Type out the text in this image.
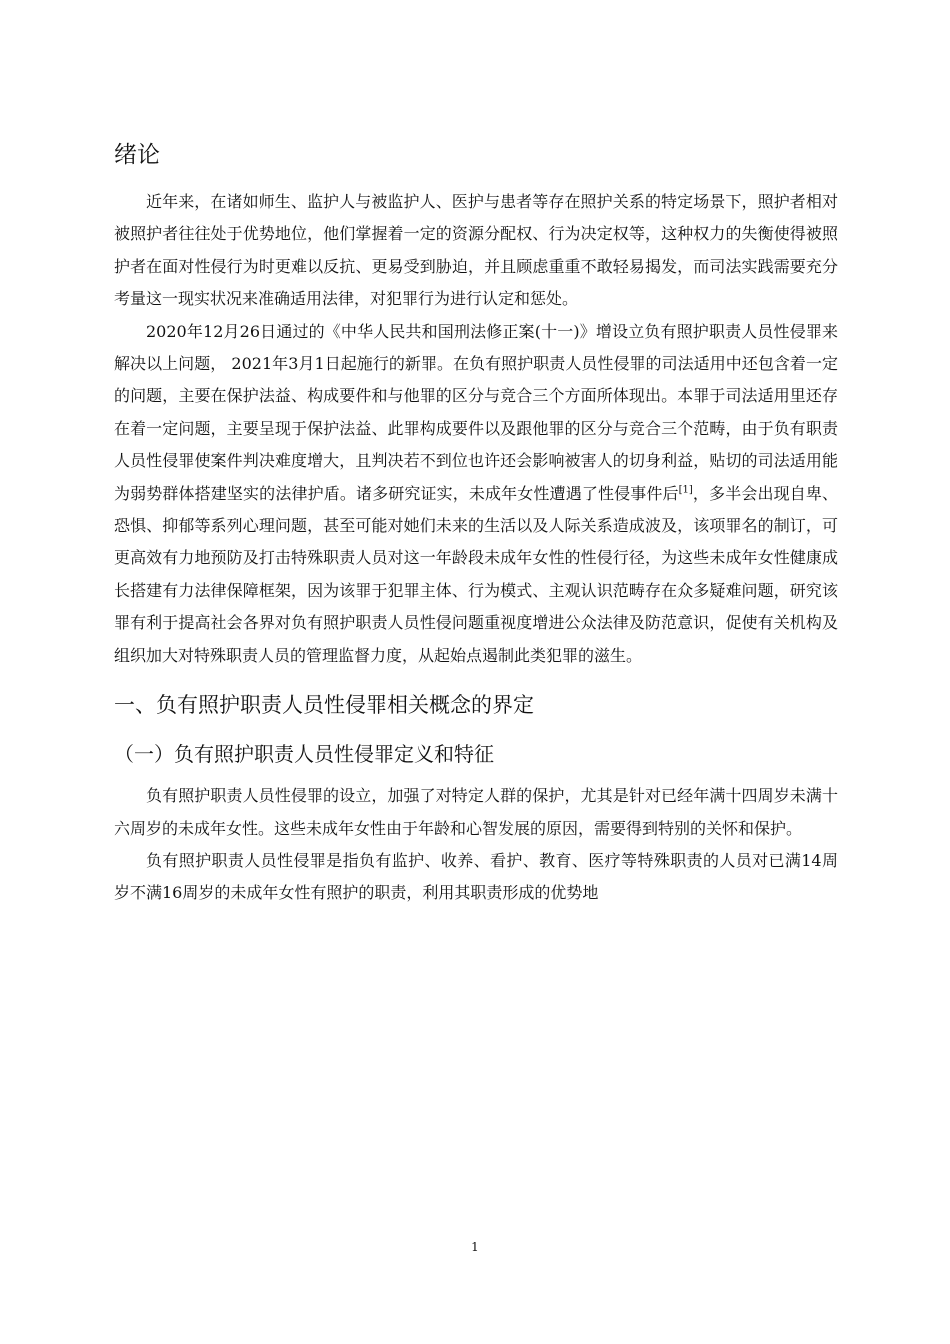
绪论

近年来，在诸如师生、监护人与被监护人、医护与患者等存在照护关系的特定场景下，照护者相对被照护者往往处于优势地位，他们掌握着一定的资源分配权、行为决定权等，这种权力的失衡使得被照护者在面对性侵行为时更难以反抗、更易受到胁迫，并且顾虑重重不敢轻易揭发，而司法实践需要充分考量这一现实状况来准确适用法律，对犯罪行为进行认定和惩处。

2020年12月26日通过的《中华人民共和国刑法修正案(十一)》增设立负有照护职责人员性侵罪来解决以上问题， 2021年3月1日起施行的新罪。在负有照护职责人员性侵罪的司法适用中还包含着一定的问题，主要在保护法益、构成要件和与他罪的区分与竞合三个方面所体现出。本罪于司法适用里还存在着一定问题，主要呈现于保护法益、此罪构成要件以及跟他罪的区分与竞合三个范畴，由于负有职责人员性侵罪使案件判决难度增大，且判决若不到位也许还会影响被害人的切身利益，贴切的司法适用能为弱势群体搭建坚实的法律护盾。诸多研究证实，未成年女性遭遇了性侵事件后[1]，多半会出现自卑、恐惧、抑郁等系列心理问题，甚至可能对她们未来的生活以及人际关系造成波及，该项罪名的制订，可更高效有力地预防及打击特殊职责人员对这一年龄段未成年女性的性侵行径，为这些未成年女性健康成长搭建有力法律保障框架，因为该罪于犯罪主体、行为模式、主观认识范畴存在众多疑难问题，研究该罪有利于提高社会各界对负有照护职责人员性侵问题重视度增进公众法律及防范意识，促使有关机构及组织加大对特殊职责人员的管理监督力度，从起始点遏制此类犯罪的滋生。

一、负有照护职责人员性侵罪相关概念的界定
（一）负有照护职责人员性侵罪定义和特征

负有照护职责人员性侵罪的设立，加强了对特定人群的保护，尤其是针对已经年满十四周岁未满十六周岁的未成年女性。这些未成年女性由于年龄和心智发展的原因，需要得到特别的关怀和保护。

负有照护职责人员性侵罪是指负有监护、收养、看护、教育、医疗等特殊职责的人员对已满14周岁不满16周岁的未成年女性有照护的职责，利用其职责形成的优势地

1
